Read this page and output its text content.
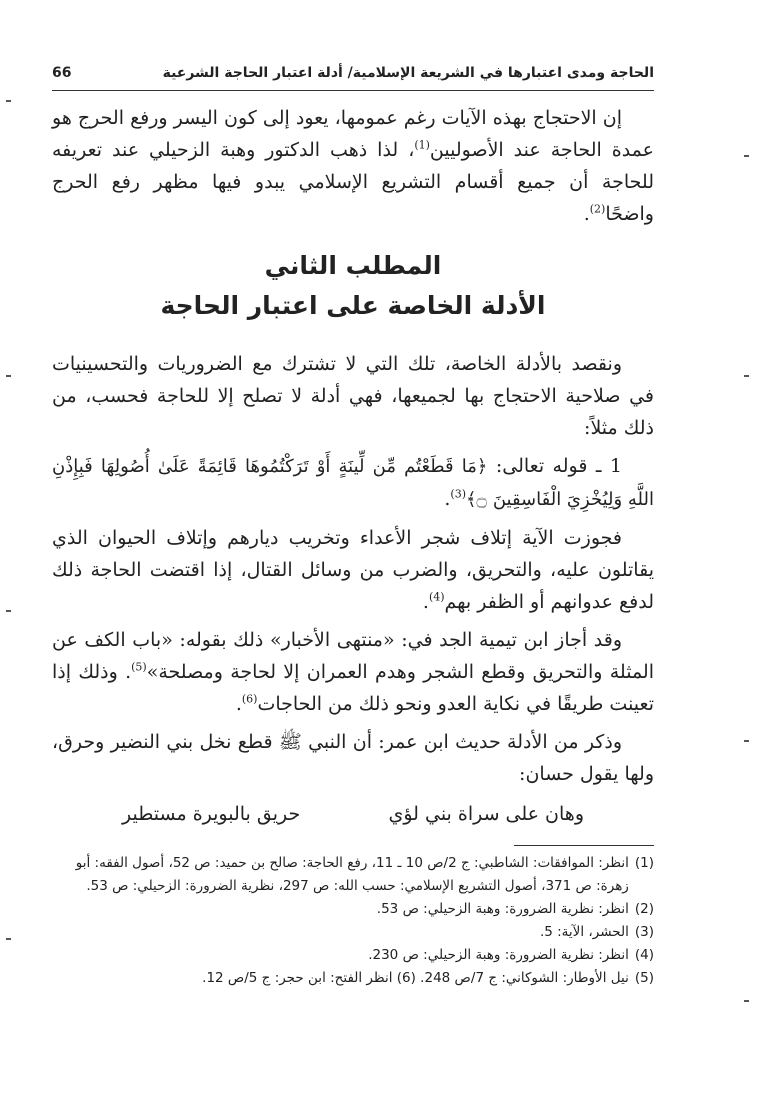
66	الحاجة ومدى اعتبارها في الشريعة الإسلامية/ أدلة اعتبار الحاجة الشرعية

إن الاحتجاج بهذه الآيات رغم عمومها، يعود إلى كون اليسر ورفع الحرج هو عمدة الحاجة عند الأصوليين$^{(1)}$، لذا ذهب الدكتور وهبة الزحيلي عند تعريفه للحاجة أن جميع أقسام التشريع الإسلامي يبدو فيها مظهر رفع الحرج واضحًا$^{(2)}$.

المطلب الثاني

الأدلة الخاصة على اعتبار الحاجة

ونقصد بالأدلة الخاصة، تلك التي لا تشترك مع الضروريات والتحسينيات في صلاحية الاحتجاج بها لجميعها، فهي أدلة لا تصلح إلا للحاجة فحسب، من ذلك مثلاً:

1 ـ قوله تعالى: ﴿مَا قَطَعْتُم مِّن لِّينَةٍ أَوْ تَرَكْتُمُوهَا قَائِمَةً عَلَىٰ أُصُولِهَا فَبِإِذْنِ اللَّهِ وَلِيُخْزِيَ الْفَاسِقِينَ ۝﴾$^{(3)}$.

فجوزت الآية إتلاف شجر الأعداء وتخريب ديارهم وإتلاف الحيوان الذي يقاتلون عليه، والتحريق، والضرب من وسائل القتال، إذا اقتضت الحاجة ذلك لدفع عدوانهم أو الظفر بهم$^{(4)}$.

وقد أجاز ابن تيمية الجد في: «منتهى الأخبار» ذلك بقوله: «باب الكف عن المثلة والتحريق وقطع الشجر وهدم العمران إلا لحاجة ومصلحة»$^{(5)}$. وذلك إذا تعينت طريقًا في نكاية العدو ونحو ذلك من الحاجات$^{(6)}$.

وذكر من الأدلة حديث ابن عمر: أن النبي ﷺ قطع نخل بني النضير وحرق، ولها يقول حسان:

وهان على سراة بني لؤي
حريق بالبويرة مستطير
(1)
انظر: الموافقات: الشاطبي: ج 2/ص 10 ـ 11، رفع الحاجة: صالح بن حميد: ص 52، أصول الفقه: أبو زهرة: ص 371، أصول التشريع الإسلامي: حسب الله: ص 297، نظرية الضرورة: الزحيلي: ص 53.
(2)
انظر: نظرية الضرورة: وهبة الزحيلي: ص 53.
(3)
الحشر، الآية: 5.
(4)
انظر: نظرية الضرورة: وهبة الزحيلي: ص 230.
(5)
نيل الأوطار: الشوكاني: ج 7/ص 248. (6) انظر الفتح: ابن حجر: ج 5/ص 12.
